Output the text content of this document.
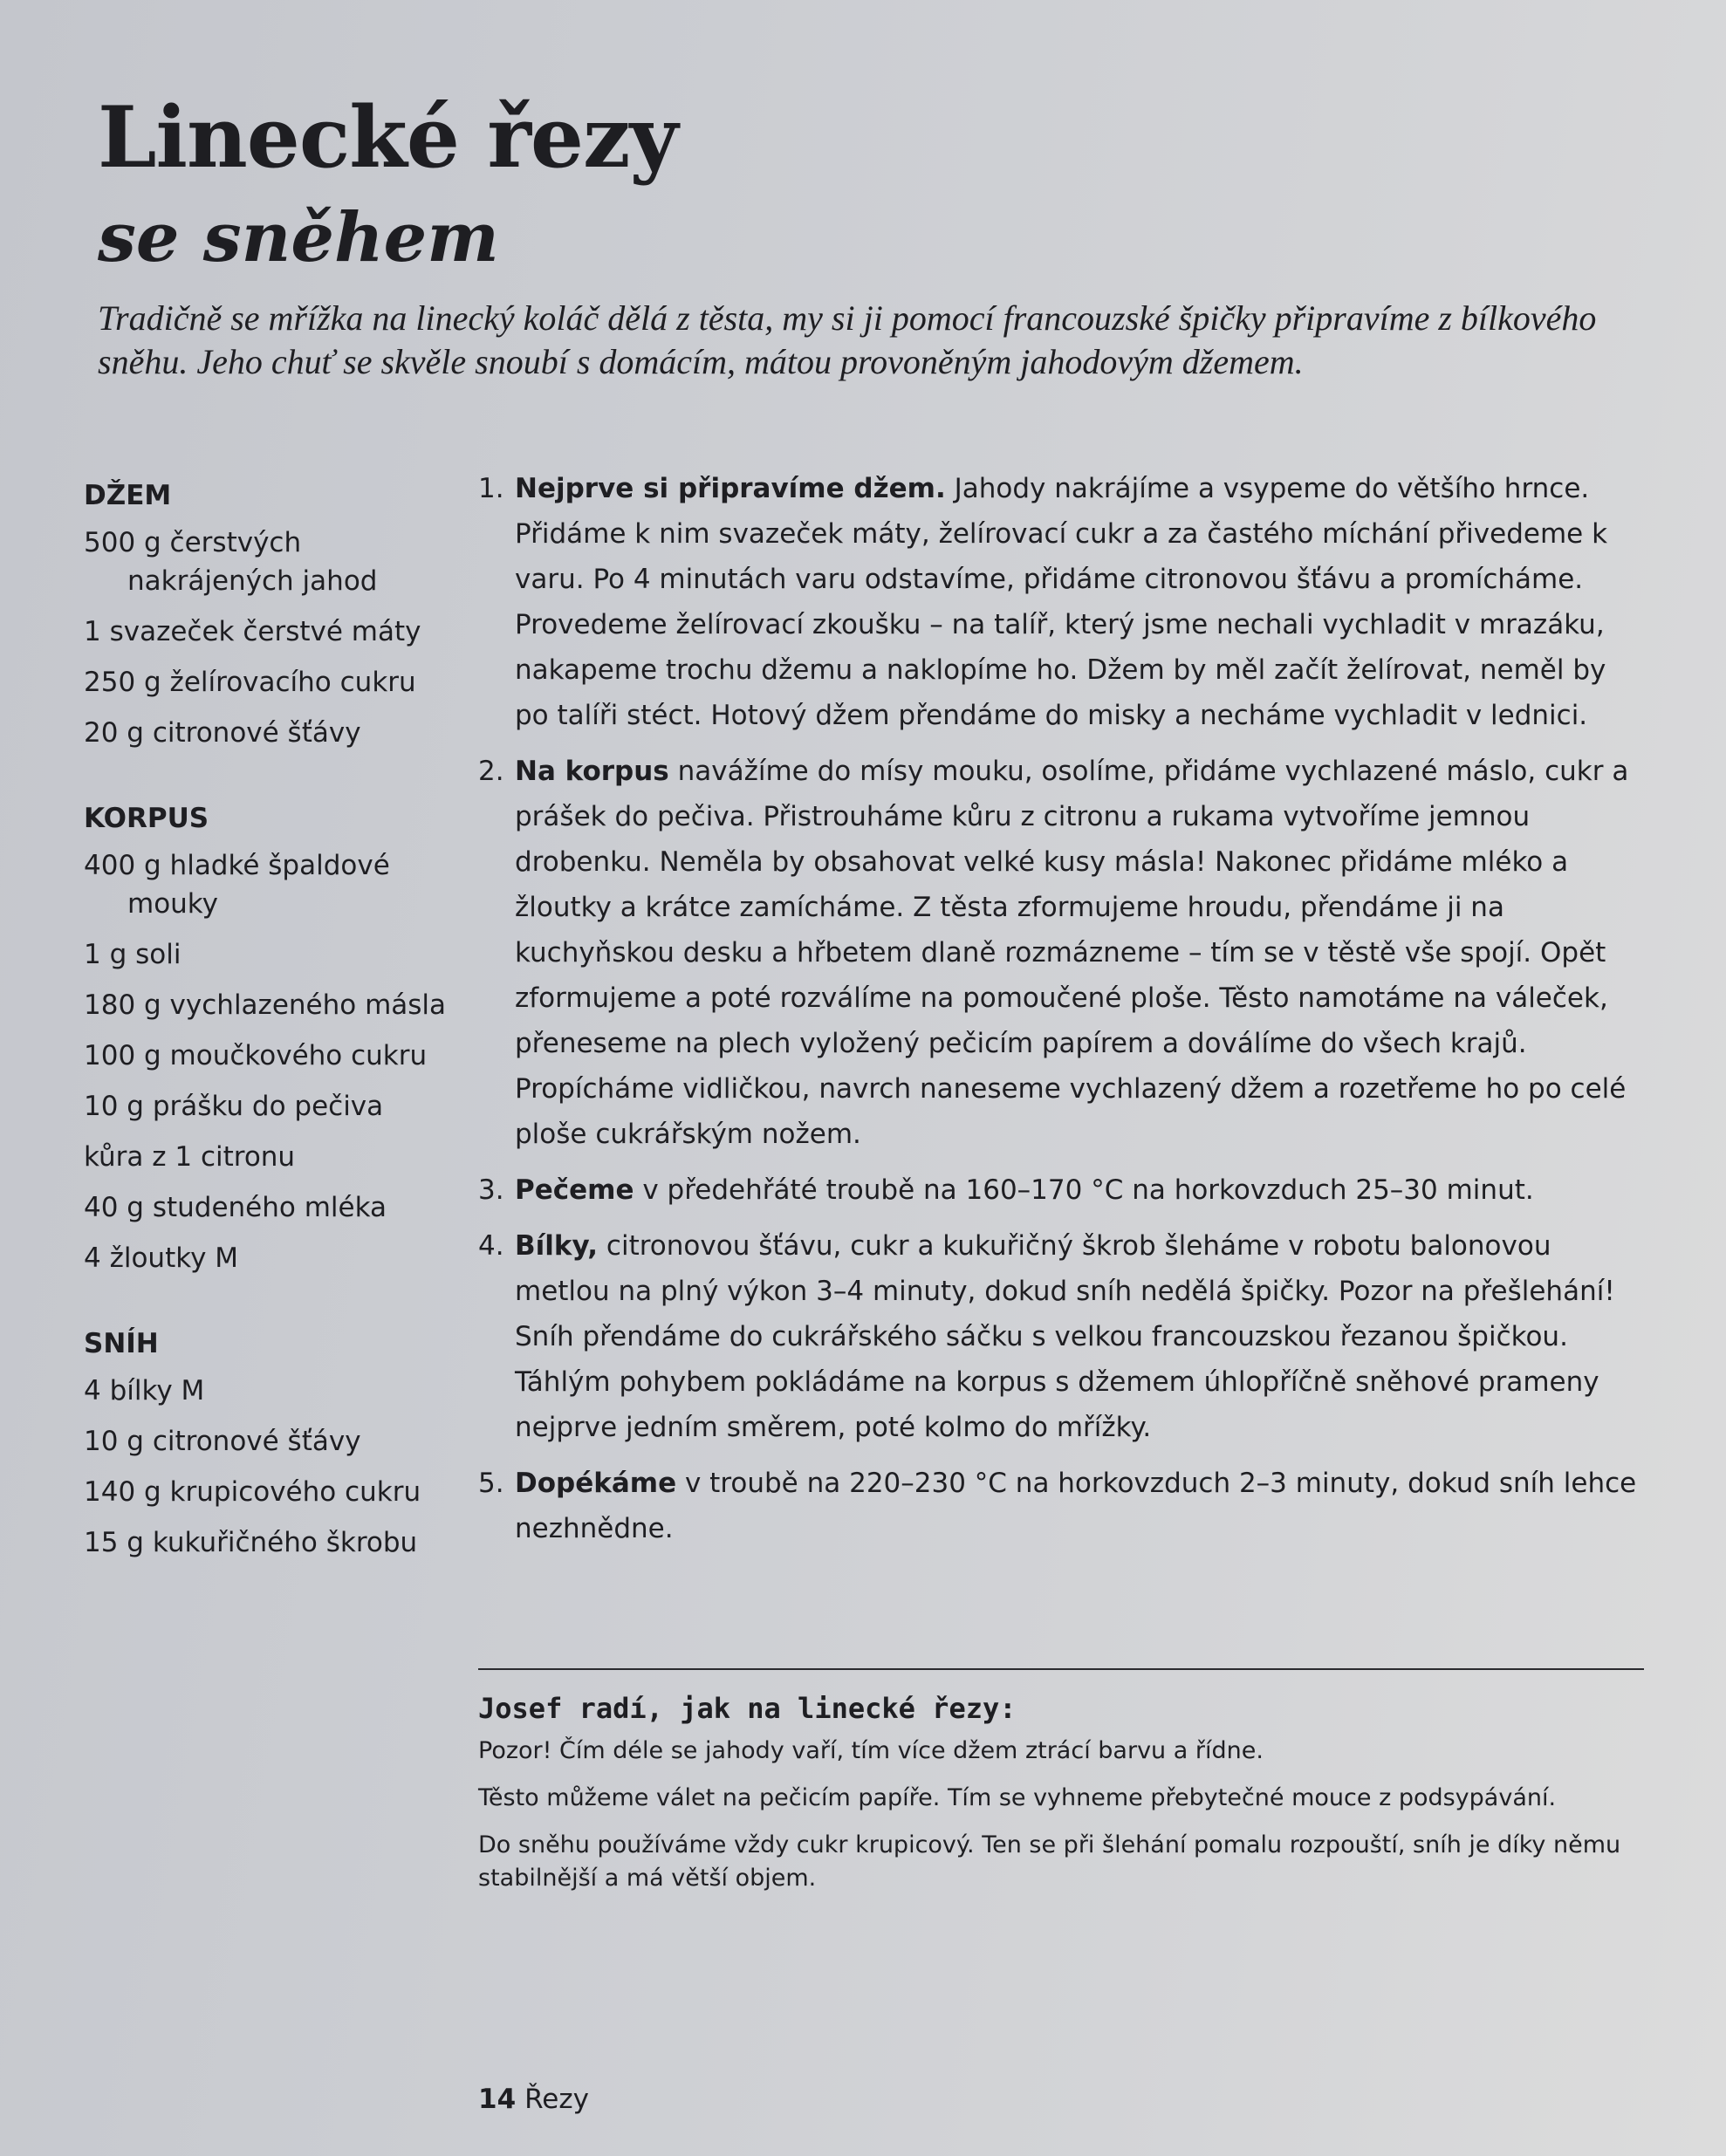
Linecké řezy
se sněhem

Tradičně se mřížka na linecký koláč dělá z těsta, my si ji pomocí francouzské špičky připravíme z bílkového sněhu. Jeho chuť se skvěle snoubí s domácím, mátou provoněným jahodovým džemem.

DŽEM
500 g čerstvých nakrájených jahod
1 svazeček čerstvé máty
250 g želírovacího cukru
20 g citronové šťávy
KORPUS
400 g hladké špaldové mouky
1 g soli
180 g vychlazeného másla
100 g moučkového cukru
10 g prášku do pečiva
kůra z 1 citronu
40 g studeného mléka
4 žloutky M
SNÍH
4 bílky M
10 g citronové šťávy
140 g krupicového cukru
15 g kukuřičného škrobu
1. Nejprve si připravíme džem. Jahody nakrájíme a vsypeme do většího hrnce. Přidáme k nim svazeček máty, želírovací cukr a za častého míchání přivedeme k varu. Po 4 minutách varu odstavíme, přidáme citronovou šťávu a promícháme. Provedeme želírovací zkoušku – na talíř, který jsme nechali vychladit v mrazáku, nakapeme trochu džemu a naklopíme ho. Džem by měl začít želírovat, neměl by po talíři stéct. Hotový džem přendáme do misky a necháme vychladit v lednici.
2. Na korpus navážíme do mísy mouku, osolíme, přidáme vychlazené máslo, cukr a prášek do pečiva. Přistrouháme kůru z citronu a rukama vytvoříme jemnou drobenku. Neměla by obsahovat velké kusy másla! Nakonec přidáme mléko a žloutky a krátce zamícháme. Z těsta zformujeme hroudu, přendáme ji na kuchyňskou desku a hřbetem dlaně rozmázneme – tím se v těstě vše spojí. Opět zformujeme a poté rozválíme na pomoučené ploše. Těsto namotáme na váleček, přeneseme na plech vyložený pečicím papírem a doválíme do všech krajů. Propícháme vidličkou, navrch naneseme vychlazený džem a rozetřeme ho po celé ploše cukrářským nožem.
3. Pečeme v předehřáté troubě na 160–170 °C na horkovzduch 25–30 minut.
4. Bílky, citronovou šťávu, cukr a kukuřičný škrob šleháme v robotu balonovou metlou na plný výkon 3–4 minuty, dokud sníh nedělá špičky. Pozor na přešlehání! Sníh přendáme do cukrářského sáčku s velkou francouzskou řezanou špičkou. Táhlým pohybem pokládáme na korpus s džemem úhlopříčně sněhové prameny nejprve jedním směrem, poté kolmo do mřížky.
5. Dopékáme v troubě na 220–230 °C na horkovzduch 2–3 minuty, dokud sníh lehce nezhnědne.
Josef radí, jak na linecké řezy:
Pozor! Čím déle se jahody vaří, tím více džem ztrácí barvu a řídne.
Těsto můžeme válet na pečicím papíře. Tím se vyhneme přebytečné mouce z podsypávání.
Do sněhu používáme vždy cukr krupicový. Ten se při šlehání pomalu rozpouští, sníh je díky němu stabilnější a má větší objem.
14 Řezy
